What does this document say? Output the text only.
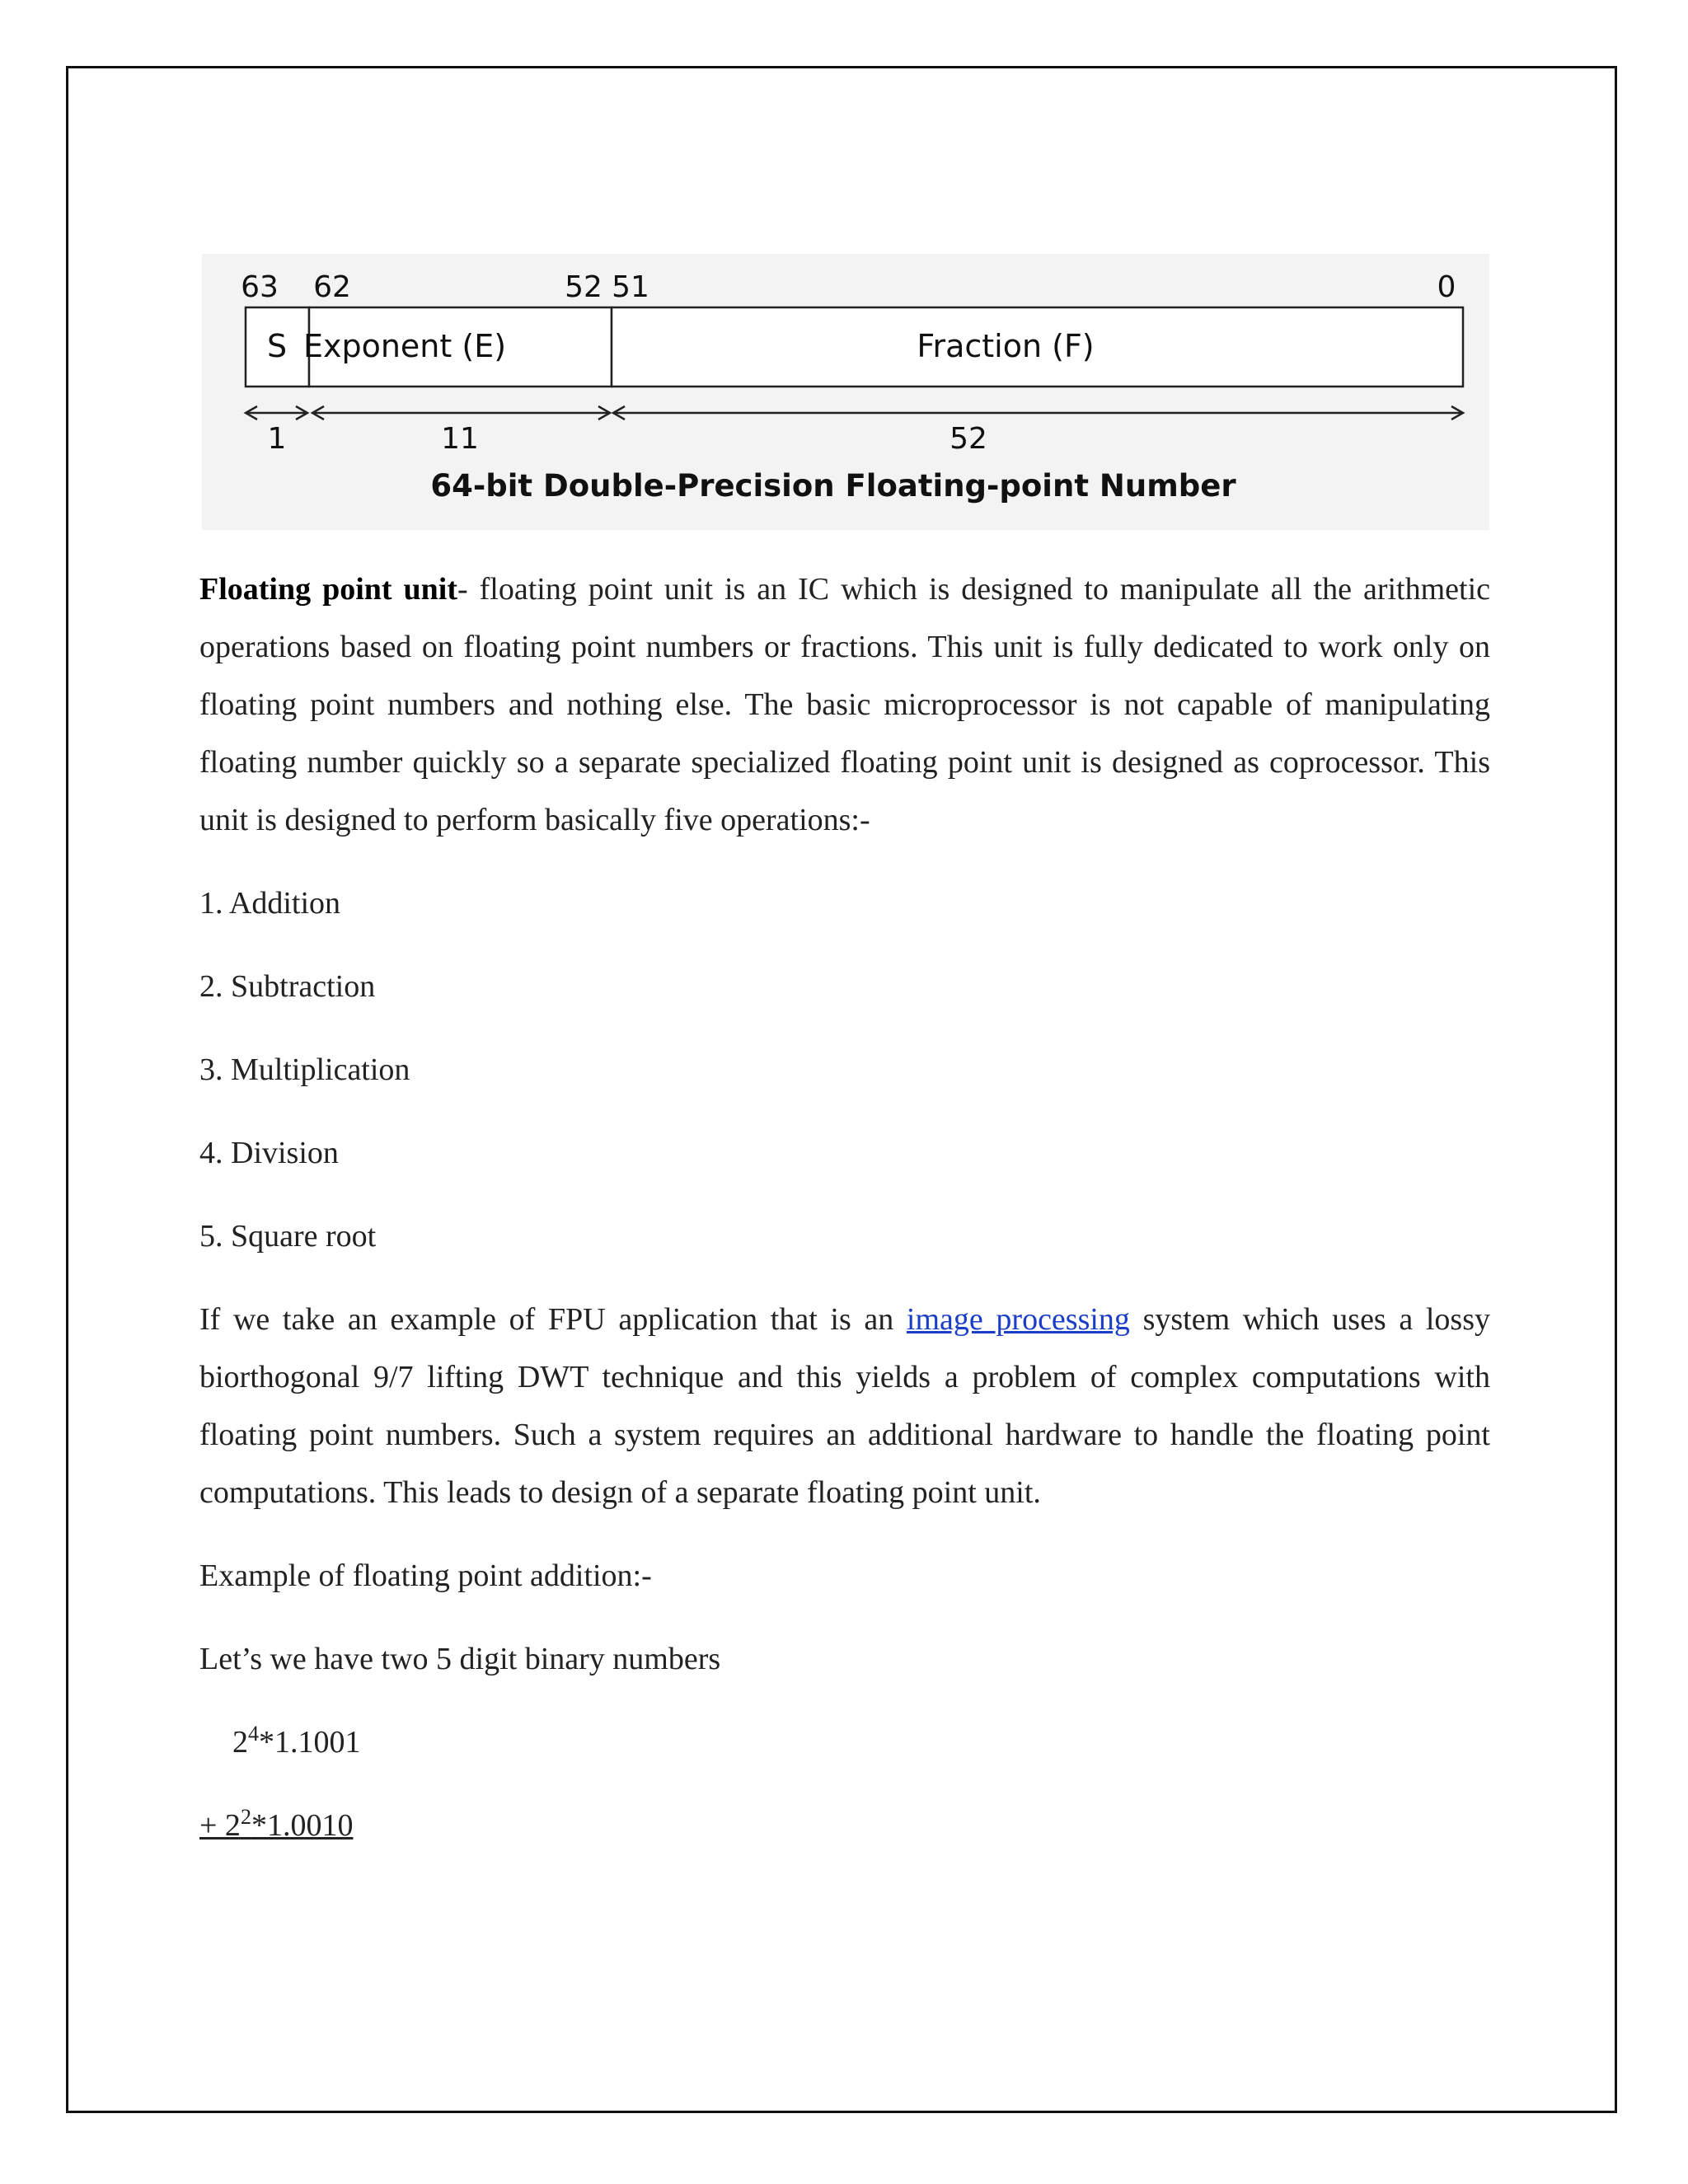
63 62	52 51	0
S Exponent (E)	Fraction (F)
1	11	52
64-bit Double-Precision Floating-point Number

Floating point unit- floating point unit is an IC which is designed to manipulate all the arithmetic operations based on floating point numbers or fractions. This unit is fully dedicated to work only on floating point numbers and nothing else. The basic microprocessor is not capable of manipulating floating number quickly so a separate specialized floating point unit is designed as coprocessor. This unit is designed to perform basically five operations:-

1. Addition

2. Subtraction

3. Multiplication

4. Division

5. Square root

If we take an example of FPU application that is an image processing system which uses a lossy biorthogonal 9/7 lifting DWT technique and this yields a problem of complex computations with floating point numbers. Such a system requires an additional hardware to handle the floating point computations. This leads to design of a separate floating point unit.

Example of floating point addition:-

Let’s we have two 5 digit binary numbers

$2^4*1.1001$

+ $2^2*1.0010$
